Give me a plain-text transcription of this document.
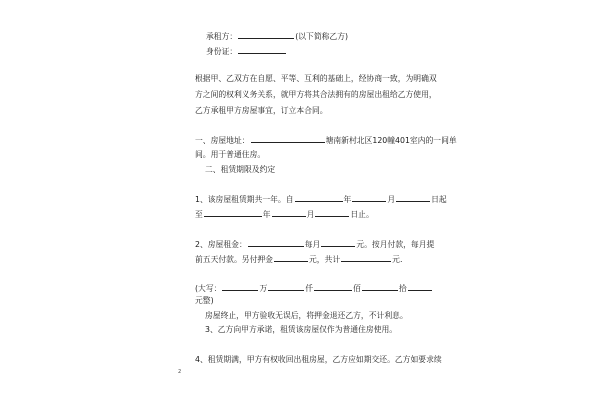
承租方：	(以下简称乙方)
身份证：
根据甲、乙双方在自愿、平等、互利的基础上，经协商一致，为明确双
方之间的权利义务关系，就甲方将其合法拥有的房屋出租给乙方使用，
乙方承租甲方房屋事宜，订立本合同。
一、房屋地址：	塘南新村北区120幢401室内的一间单
间。用于普通住房。
二、租赁期限及约定
1、该房屋租赁期共一年。自	年	月	日起
至	年	月	日止。
2、房屋租金：	每月	元。按月付款，每月提
前五天付款。另付押金	元，共计	元.
(大写：	万	仟	佰	拾
元整)
房屋终止，甲方验收无误后，将押金退还乙方，不计利息。
3、乙方向甲方承诺，租赁该房屋仅作为普通住房使用。
4、租赁期满，甲方有权收回出租房屋，乙方应如期交还。乙方如要求续
2
